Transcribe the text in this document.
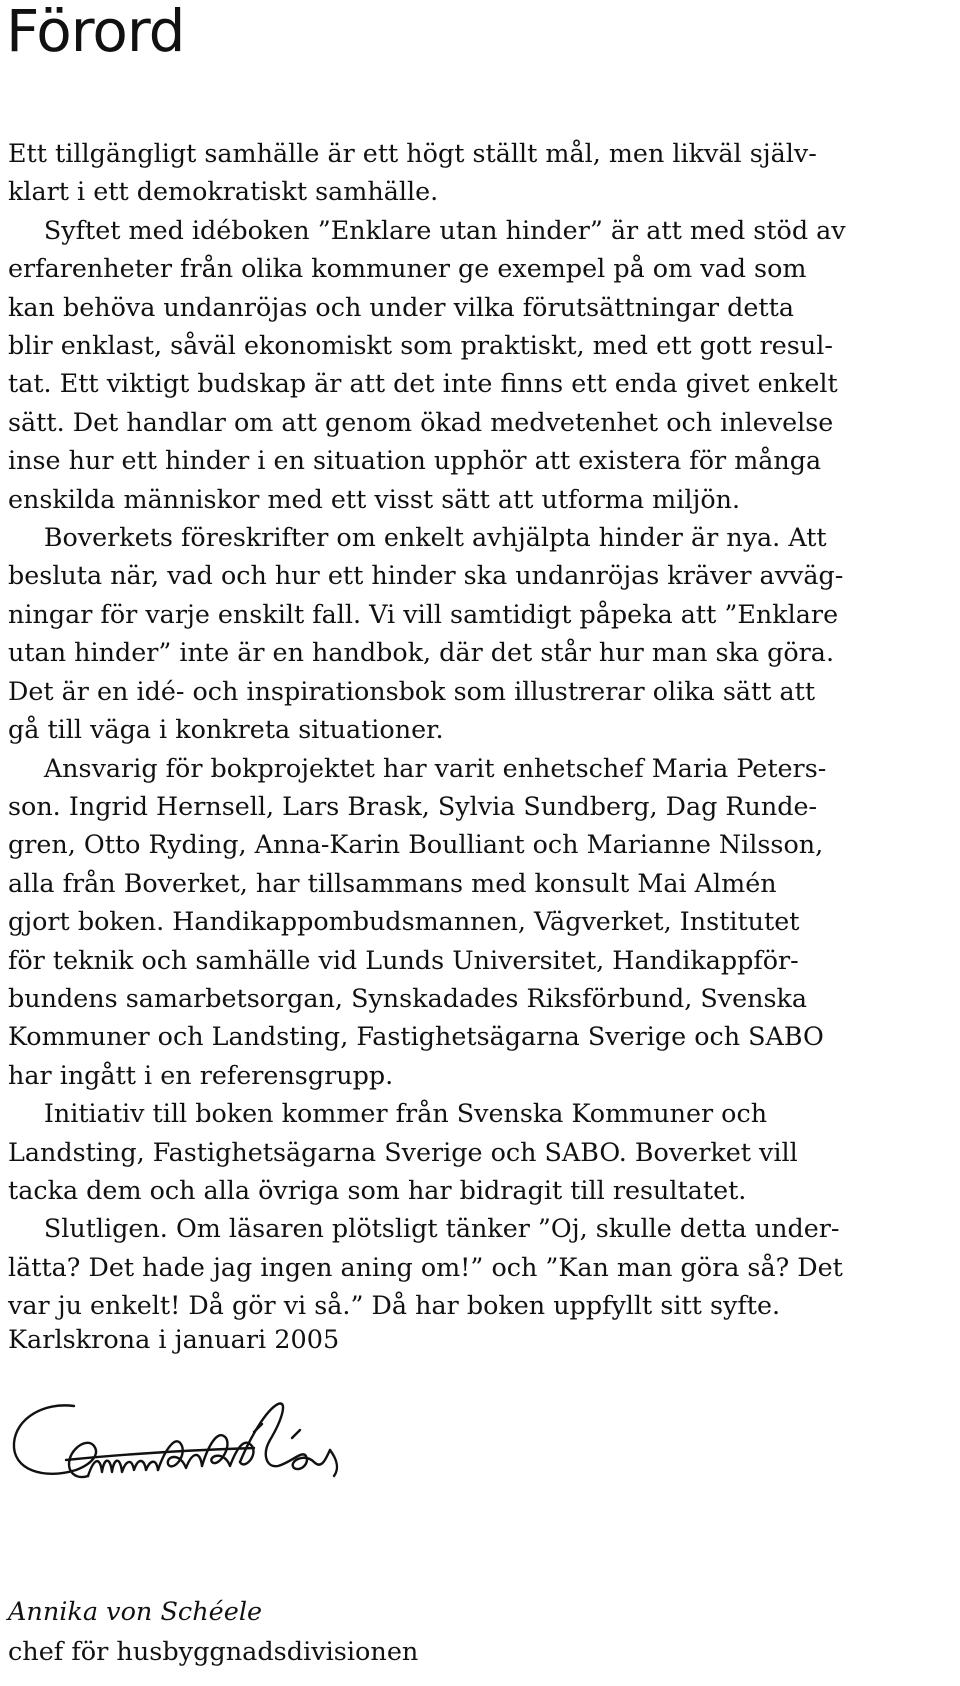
Förord
Ett tillgängligt samhälle är ett högt ställt mål, men likväl själv-
klart i ett demokratiskt samhälle.
Syftet med idéboken ”Enklare utan hinder” är att med stöd av
erfarenheter från olika kommuner ge exempel på om vad som
kan behöva undanröjas och under vilka förutsättningar detta
blir enklast, såväl ekonomiskt som praktiskt, med ett gott resul-
tat. Ett viktigt budskap är att det inte finns ett enda givet enkelt
sätt. Det handlar om att genom ökad medvetenhet och inlevelse
inse hur ett hinder i en situation upphör att existera för många
enskilda människor med ett visst sätt att utforma miljön.
Boverkets föreskrifter om enkelt avhjälpta hinder är nya. Att
besluta när, vad och hur ett hinder ska undanröjas kräver avväg-
ningar för varje enskilt fall. Vi vill samtidigt påpeka att ”Enklare
utan hinder” inte är en handbok, där det står hur man ska göra.
Det är en idé- och inspirationsbok som illustrerar olika sätt att
gå till väga i konkreta situationer.
Ansvarig för bokprojektet har varit enhetschef Maria Peters-
son. Ingrid Hernsell, Lars Brask, Sylvia Sundberg, Dag Runde-
gren, Otto Ryding, Anna-Karin Boulliant och Marianne Nilsson,
alla från Boverket, har tillsammans med konsult Mai Almén
gjort boken. Handikappombudsmannen, Vägverket, Institutet
för teknik och samhälle vid Lunds Universitet, Handikappför-
bundens samarbetsorgan, Synskadades Riksförbund, Svenska
Kommuner och Landsting, Fastighetsägarna Sverige och SABO
har ingått i en referensgrupp.
Initiativ till boken kommer från Svenska Kommuner och
Landsting, Fastighetsägarna Sverige och SABO. Boverket vill
tacka dem och alla övriga som har bidragit till resultatet.
Slutligen. Om läsaren plötsligt tänker ”Oj, skulle detta under-
lätta? Det hade jag ingen aning om!” och ”Kan man göra så? Det
var ju enkelt! Då gör vi så.” Då har boken uppfyllt sitt syfte.
Karlskrona i januari 2005
Annika von Schéele
chef för husbyggnadsdivisionen
